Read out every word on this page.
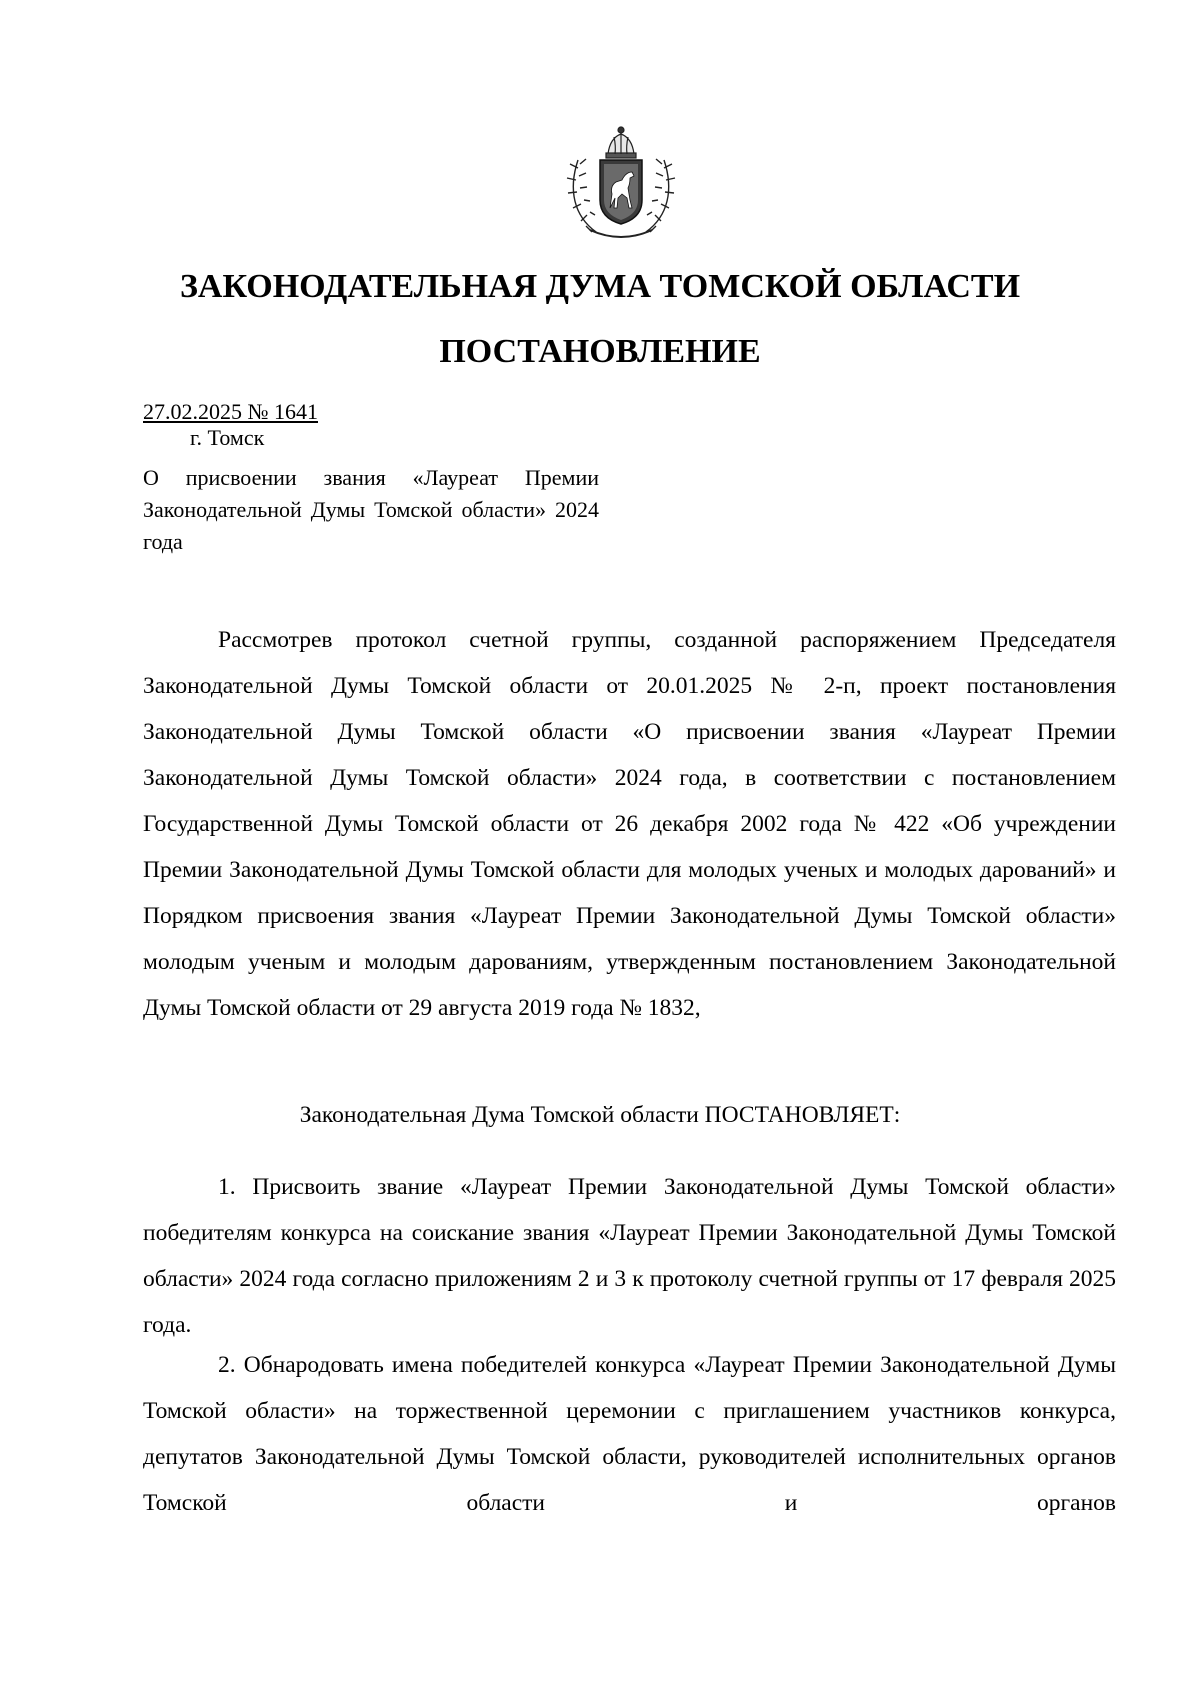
ЗАКОНОДАТЕЛЬНАЯ ДУМА ТОМСКОЙ ОБЛАСТИ
ПОСТАНОВЛЕНИЕ
27.02.2025 № 1641
г. Томск
О присвоении звания «Лауреат Премии Законодательной Думы Томской области» 2024 года
Рассмотрев протокол счетной группы, созданной распоряжением Председателя Законодательной Думы Томской области от 20.01.2025 № 2-п, проект постановления Законодательной Думы Томской области «О присвоении звания «Лауреат Премии Законодательной Думы Томской области» 2024 года, в соответствии с постановлением Государственной Думы Томской области от 26 декабря 2002 года № 422 «Об учреждении Премии Законодательной Думы Томской области для молодых ученых и молодых дарований» и Порядком присвоения звания «Лауреат Премии Законодательной Думы Томской области» молодым ученым и молодым дарованиям, утвержденным постановлением Законодательной Думы Томской области от 29 августа 2019 года № 1832,
Законодательная Дума Томской области ПОСТАНОВЛЯЕТ:
1. Присвоить звание «Лауреат Премии Законодательной Думы Томской области» победителям конкурса на соискание звания «Лауреат Премии Законодательной Думы Томской области» 2024 года согласно приложениям 2 и 3 к протоколу счетной группы от 17 февраля 2025 года.
2. Обнародовать имена победителей конкурса «Лауреат Премии Законодательной Думы Томской области» на торжественной церемонии с приглашением участников конкурса, депутатов Законодательной Думы Томской области, руководителей исполнительных органов Томской области и органов
